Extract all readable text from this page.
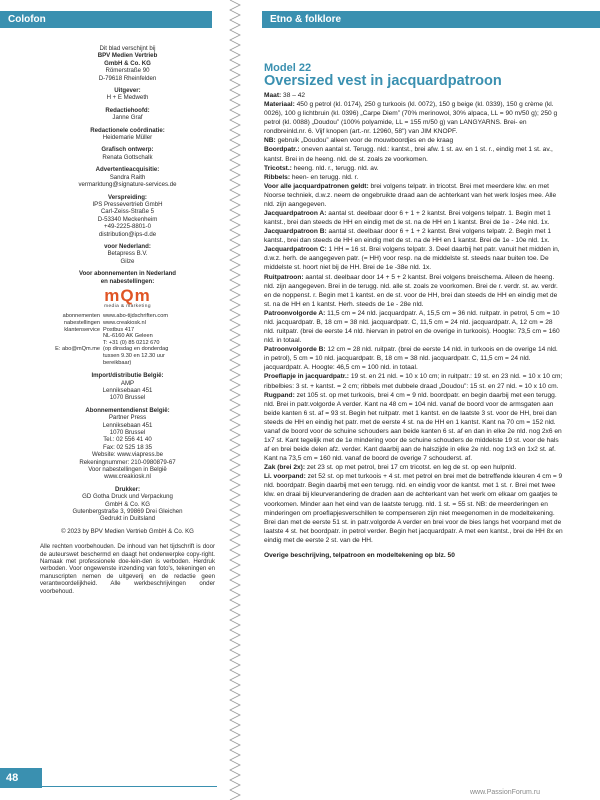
Colofon	Etno & folklore
Dit blad verschijnt bij
BPV Medien Vertrieb
GmbH & Co. KG
Römerstraße 90
D-79618 Rheinfelden
Uitgever:
H + E Medweth
Redactiehoofd:
Janne Graf
Redactionele coördinatie:
Heidemarie Müller
Grafisch ontwerp:
Renata Gottschalk
Advertentieacquisitie:
Sandra Raith
vermarktung@signature-services.de
Verspreiding:
IPS Pressevertrieb GmbH
Carl-Zeiss-Straße 5
D-53340 Meckenheim
+49-2225-8801-0
distribution@ips-d.de
voor Nederland:
Betapress B.V.
Gilze
Voor abonnementen in Nederland
en nabestellingen:
mQm
media & marketing
abonnementen www.abo-tijdschriften.com
nabestellingen www.creakiosk.nl
klantenservice Postbus 417
NL-6160 AK Geleen
T: +31 (0) 85 0212 670
E: abo@mQm.me (op dinsdag en donderdag
tussen 9.30 en 12.30 uur
bereikbaar)
Import/distributie België:
AMP
Lenniksebaan 451
1070 Brussel
Abonnementendienst België:
Partner Press
Lenniksebaan 451
1070 Brussel
Tel.: 02 556 41 40
Fax: 02 525 18 35
Website: www.viapress.be
Rekeningnummer: 210-0980879-67
Voor nabestellingen in België
www.creakiosk.nl
Drukker:
GD Gotha Druck und Verpackung
GmbH & Co. KG
Gutenbergstraße 3, 99869 Drei Gleichen
Gedrukt in Duitsland
© 2023 by BPV Medien Vertrieb GmbH & Co. KG
Alle rechten voorbehouden. De inhoud van het tijdschrift is door de auteurswet beschermd en daagt het onderwerpke copy-right. Namaak met professionele doe-lein-den is verboden. Herdruk verboden. Voor ongewenste inzending van foto's, tekeningen en manuscripten nemen de uitgeverij en de redactie geen verantwoordelijkheid. Alle werkbeschrijvingen onder voorbehoud.
48
Model 22
Oversized vest in jacquardpatroon

Maat: 38 – 42

Materiaal: 450 g petrol (kl. 0174), 250 g turkoois (kl. 0072), 150 g beige (kl. 0339), 150 g crème (kl. 0026), 100 g lichtbruin (kl. 0396) „Carpe Diem” (70% merinowol, 30% alpaca, LL = 90 m/50 g); 250 g petrol (kl. 0088) „Doudou” (100% polyamide, LL = 155 m/50 g) van LANGYARNS. Brei- en rondbreinld.nr. 6. Vijf knopen (art.-nr. 12960, 58") van JIM KNOPF.

NB: gebruik „Doudou” alleen voor de mouwboordjes en de kraag

Boordpatr.: oneven aantal st. Terugg. nld.: kantst., brei afw. 1 st. av. en 1 st. r., eindig met 1 st. av., kantst. Brei in de heeng. nld. de st. zoals ze voorkomen.

Tricotst.: heeng. nld. r., terugg. nld. av.

Ribbels: heen- en terugg. nld. r.

Voor alle jacquardpatronen geldt: brei volgens telpatr. in tricotst. Brei met meerdere klw. en met Noorse techniek, d.w.z. neem de ongebruikte draad aan de achterkant van het werk losjes mee. Alle nld. zijn aangegeven.

Jacquardpatroon A: aantal st. deelbaar door 6 + 1 + 2 kantst. Brei volgens telpatr. 1. Begin met 1 kantst., brei dan steeds de HH en eindig met de st. na de HH en 1 kantst. Brei de 1e - 24e nld. 1x.

Jacquardpatroon B: aantal st. deelbaar door 6 + 1 + 2 kantst. Brei volgens telpatr. 2. Begin met 1 kantst., brei dan steeds de HH en eindig met de st. na de HH en 1 kantst. Brei de 1e - 10e nld. 1x.

Jacquardpatroon C: 1 HH = 16 st. Brei volgens telpatr. 3. Deel daarbij het patr. vanuit het midden in, d.w.z. herh. de aangegeven patr. (= HH) voor resp. na de middelste st. steeds naar buiten toe. De middelste st. hoort niet bij de HH. Brei de 1e -38e nld. 1x.

Ruitpatroon: aantal st. deelbaar door 14 + 5 + 2 kantst. Brei volgens breischema. Alleen de heeng. nld. zijn aangegeven. Brei in de terugg. nld. alle st. zoals ze voorkomen. Brei de r. verdr. st. av. verdr. en de noppenst. r. Begin met 1 kantst. en de st. voor de HH, brei dan steeds de HH en eindig met de st. na de HH en 1 kantst. Herh. steeds de 1e - 28e nld.

Patroonvolgorde A: 11,5 cm = 24 nld. jacquardpatr. A, 15,5 cm = 36 nld. ruitpatr. in petrol, 5 cm = 10 nld. jacquardpatr. B, 18 cm = 38 nld. jacquardpatr. C, 11,5 cm = 24 nld. jacquardpatr. A, 12 cm = 28 nld. ruitpatr. (brei de eerste 14 nld. hiervan in petrol en de overige in turkoois). Hoogte: 73,5 cm = 160 nld. in totaal.

Patroonvolgorde B: 12 cm = 28 nld. ruitpatr. (brei de eerste 14 nld. in turkoois en de overige 14 nld. in petrol), 5 cm = 10 nld. jacquardpatr. B, 18 cm = 38 nld. jacquardpatr. C, 11,5 cm = 24 nld. jacquardpatr. A. Hoogte: 46,5 cm = 100 nld. in totaal.

Proeflapje in jacquardpatr.: 19 st. en 21 nld. = 10 x 10 cm; in ruitpatr.: 19 st. en 23 nld. = 10 x 10 cm; ribbelbies: 3 st. + kantst. = 2 cm; ribbels met dubbele draad „Doudou”: 15 st. en 27 nld. = 10 x 10 cm.

Rugpand: zet 105 st. op met turkoois, brei 4 cm = 9 nld. boordpatr. en begin daarbij met een terugg. nld. Brei in patr.volgorde A verder. Kant na 48 cm = 104 nld. vanaf de boord voor de armsgaten aan beide kanten 6 st. af = 93 st. Begin het ruitpatr. met 1 kantst. en de laatste 3 st. voor de HH, brei dan steeds de HH en eindig het patr. met de eerste 4 st. na de HH en 1 kantst. Kant na 70 cm = 152 nld. vanaf de boord voor de schuine schouders aan beide kanten 6 st. af en dan in elke 2e nld. nog 2x6 en 1x7 st. Kant tegelijk met de 1e mindering voor de schuine schouders de middelste 19 st. voor de hals af en brei beide delen afz. verder. Kant daarbij aan de halszijde in elke 2e nld. nog 1x3 en 1x2 st. af. Kant na 73,5 cm = 160 nld. vanaf de boord de overige 7 schouderst. af.

Zak (brei 2x): zet 23 st. op met petrol, brei 17 cm tricotst. en leg de st. op een hulpnld.

Li. voorpand: zet 52 st. op met turkoois + 4 st. met petrol en brei met de betreffende kleuren 4 cm = 9 nld. boordpatr. Begin daarbij met een terugg. nld. en eindig voor de kantst. met 1 st. r. Brei met twee klw. en draai bij kleurverandering de draden aan de achterkant van het werk om elkaar om gaatjes te voorkomen. Minder aan het eind van de laatste terugg. nld. 1 st. = 55 st. NB: de meerderingen en minderingen om proeflapjesverschillen te compenseren zijn niet meegenomen in de modeltekening. Brei dan met de eerste 51 st. in patr.volgorde A verder en brei voor de bies langs het voorpand met de laatste 4 st. het boordpatr. in petrol verder. Begin het jacquardpatr. A met een kantst., brei de HH 8x en eindig met de eerste 2 st. van de HH.

Overige beschrijving, telpatroon en modeltekening op blz. 50
www.PassionForum.ru
